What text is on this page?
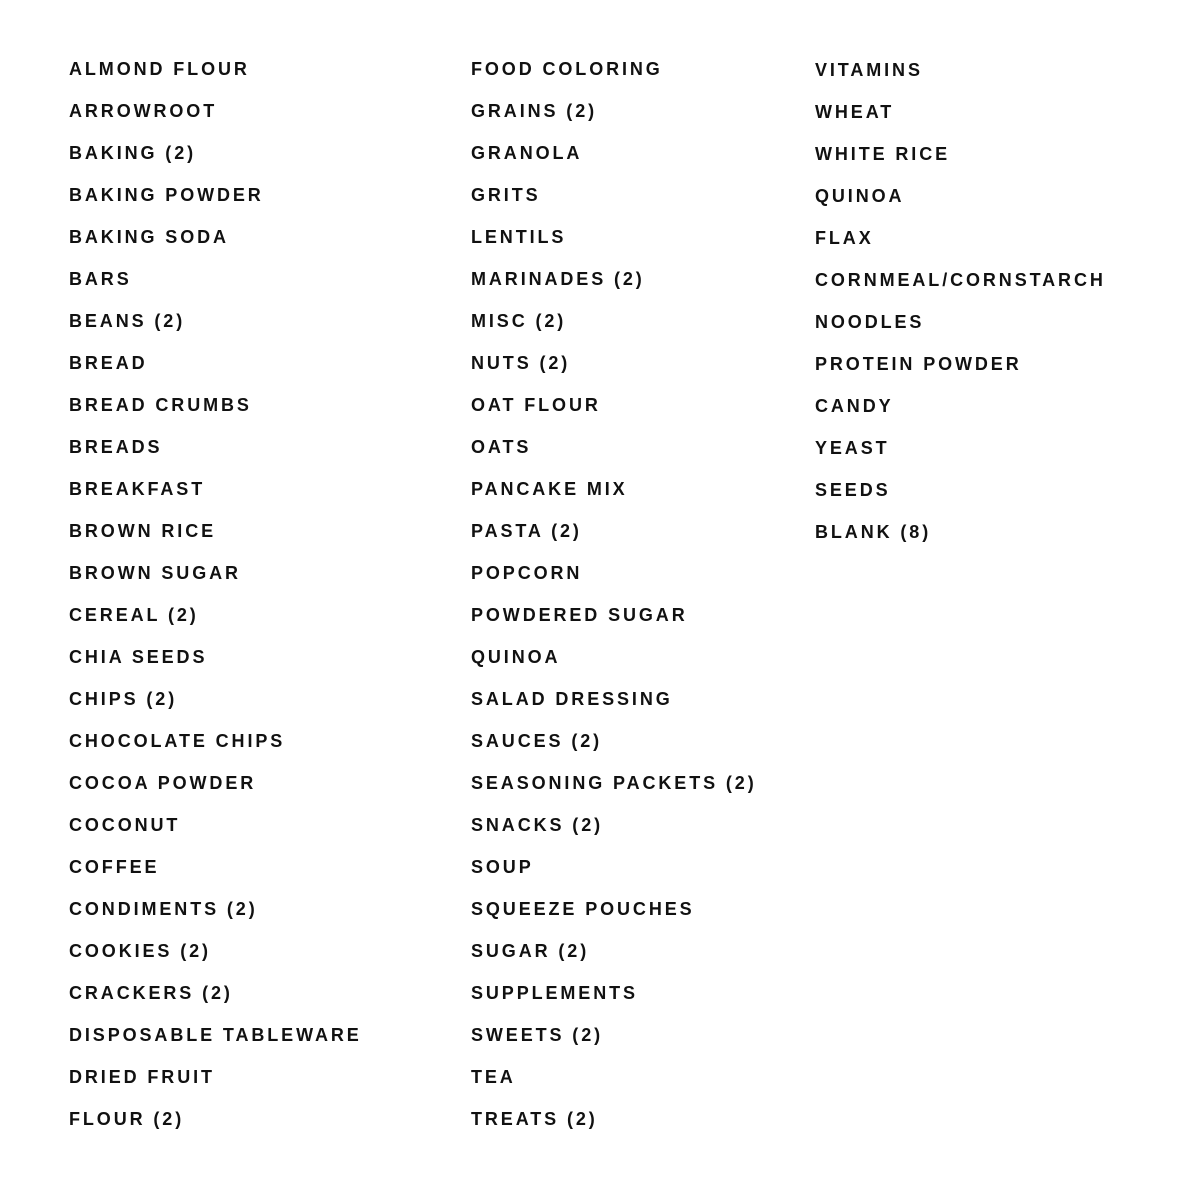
ALMOND FLOUR
ARROWROOT
BAKING (2)
BAKING POWDER
BAKING SODA
BARS
BEANS (2)
BREAD
BREAD CRUMBS
BREADS
BREAKFAST
BROWN RICE
BROWN SUGAR
CEREAL (2)
CHIA SEEDS
CHIPS (2)
CHOCOLATE CHIPS
COCOA POWDER
COCONUT
COFFEE
CONDIMENTS (2)
COOKIES (2)
CRACKERS (2)
DISPOSABLE TABLEWARE
DRIED FRUIT
FLOUR (2)
FOOD COLORING
GRAINS (2)
GRANOLA
GRITS
LENTILS
MARINADES (2)
MISC (2)
NUTS (2)
OAT FLOUR
OATS
PANCAKE MIX
PASTA (2)
POPCORN
POWDERED SUGAR
QUINOA
SALAD DRESSING
SAUCES (2)
SEASONING PACKETS (2)
SNACKS (2)
SOUP
SQUEEZE POUCHES
SUGAR (2)
SUPPLEMENTS
SWEETS (2)
TEA
TREATS (2)
VITAMINS
WHEAT
WHITE RICE
QUINOA
FLAX
CORNMEAL/CORNSTARCH
NOODLES
PROTEIN POWDER
CANDY
YEAST
SEEDS
BLANK (8)
